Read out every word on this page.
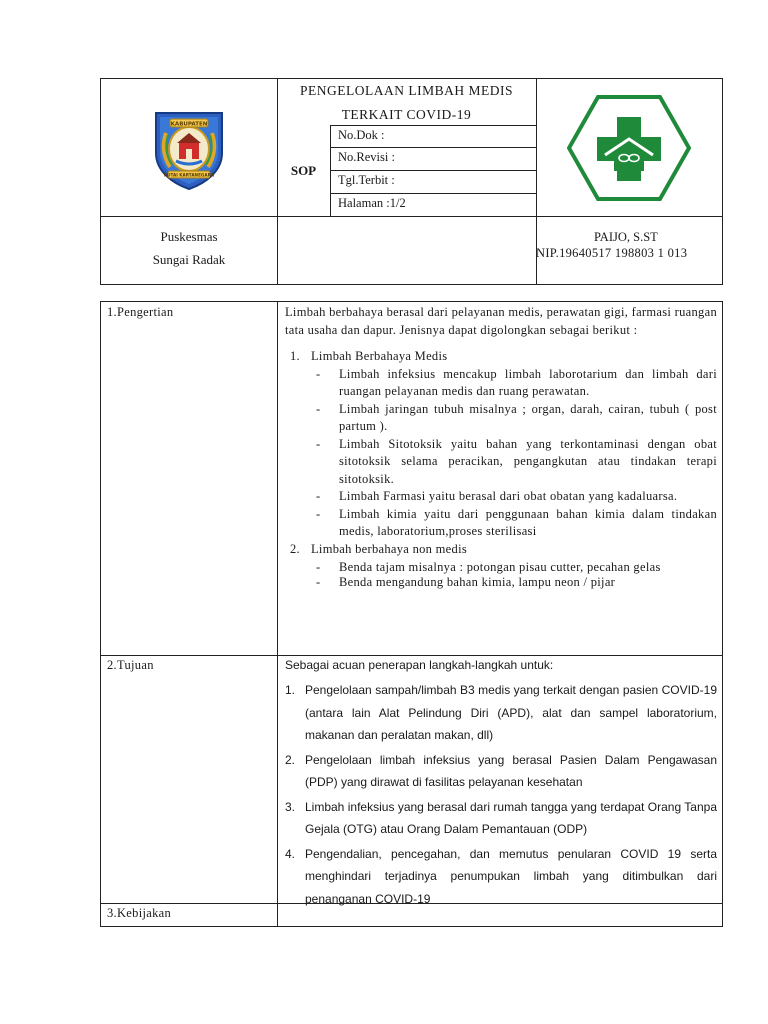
KABUPATEN
KUTAI KARTANEGARA
PENGELOLAAN LIMBAH MEDIS
TERKAIT COVID-19
SOP
No.Dok :
No.Revisi :
Tgl.Terbit :
Halaman :1/2
Puskesmas
Sungai Radak
PAIJO, S.ST
NIP.19640517 198803 1 013
1.Pengertian	Limbah berbahaya berasal dari pelayanan medis, perawatan gigi, farmasi ruangan tata usaha dan dapur. Jenisnya dapat digolongkan sebagai berikut :
1. Limbah Berbahaya Medis
- Limbah infeksius mencakup limbah laborotarium dan limbah dari ruangan pelayanan medis dan ruang perawatan.
- Limbah jaringan tubuh misalnya ; organ, darah, cairan, tubuh ( post partum ).
- Limbah Sitotoksik yaitu bahan yang terkontaminasi dengan obat sitotoksik selama peracikan, pengangkutan atau tindakan terapi sitotoksik.
- Limbah Farmasi yaitu berasal dari obat obatan yang kadaluarsa.
- Limbah kimia yaitu dari penggunaan bahan kimia dalam tindakan medis, laboratorium,proses sterilisasi
2. Limbah berbahaya non medis
- Benda tajam misalnya : potongan pisau cutter, pecahan gelas
- Benda mengandung bahan kimia, lampu neon / pijar
2.Tujuan	Sebagai acuan penerapan langkah-langkah untuk:
1. Pengelolaan sampah/limbah B3 medis yang terkait dengan pasien COVID-19 (antara lain Alat Pelindung Diri (APD), alat dan sampel laboratorium, makanan dan peralatan makan, dll)
2. Pengelolaan limbah infeksius yang berasal Pasien Dalam Pengawasan (PDP) yang dirawat di fasilitas pelayanan kesehatan
3. Limbah infeksius yang berasal dari rumah tangga yang terdapat Orang Tanpa Gejala (OTG) atau Orang Dalam Pemantauan (ODP)
4. Pengendalian, pencegahan, dan memutus penularan COVID 19 serta menghindari terjadinya penumpukan limbah yang ditimbulkan dari penanganan COVID-19
3.Kebijakan
